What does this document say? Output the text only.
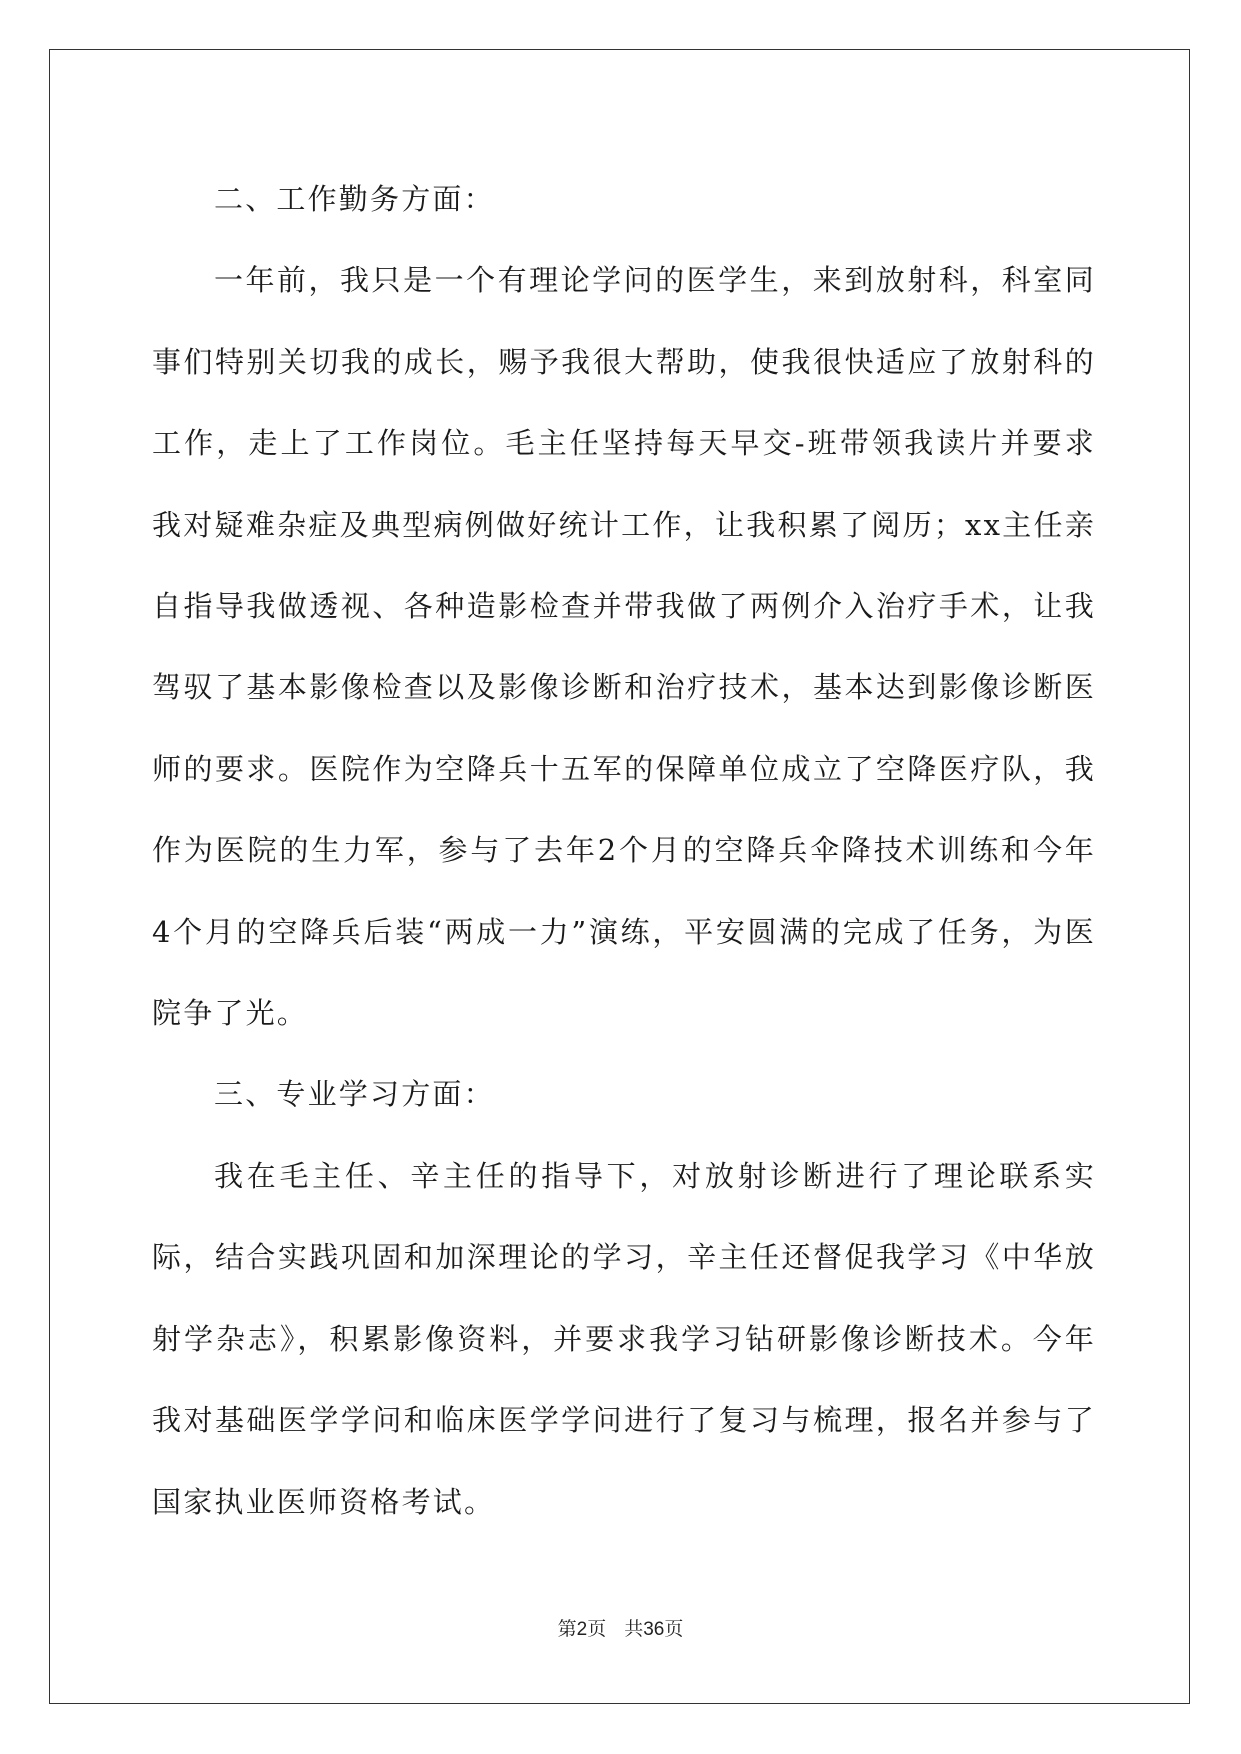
二、工作勤务方面：

一年前，我只是一个有理论学问的医学生，来到放射科，科室同事们特别关切我的成长，赐予我很大帮助，使我很快适应了放射科的工作，走上了工作岗位。毛主任坚持每天早交-班带领我读片并要求我对疑难杂症及典型病例做好统计工作，让我积累了阅历；xx主任亲自指导我做透视、各种造影检查并带我做了两例介入治疗手术，让我驾驭了基本影像检查以及影像诊断和治疗技术，基本达到影像诊断医师的要求。医院作为空降兵十五军的保障单位成立了空降医疗队，我作为医院的生力军，参与了去年2个月的空降兵伞降技术训练和今年4个月的空降兵后装“两成一力”演练，平安圆满的完成了任务，为医院争了光。

三、专业学习方面：

我在毛主任、辛主任的指导下，对放射诊断进行了理论联系实际，结合实践巩固和加深理论的学习，辛主任还督促我学习《中华放射学杂志》，积累影像资料，并要求我学习钻研影像诊断技术。今年我对基础医学学问和临床医学学问进行了复习与梳理，报名并参与了国家执业医师资格考试。

第2页 共36页
